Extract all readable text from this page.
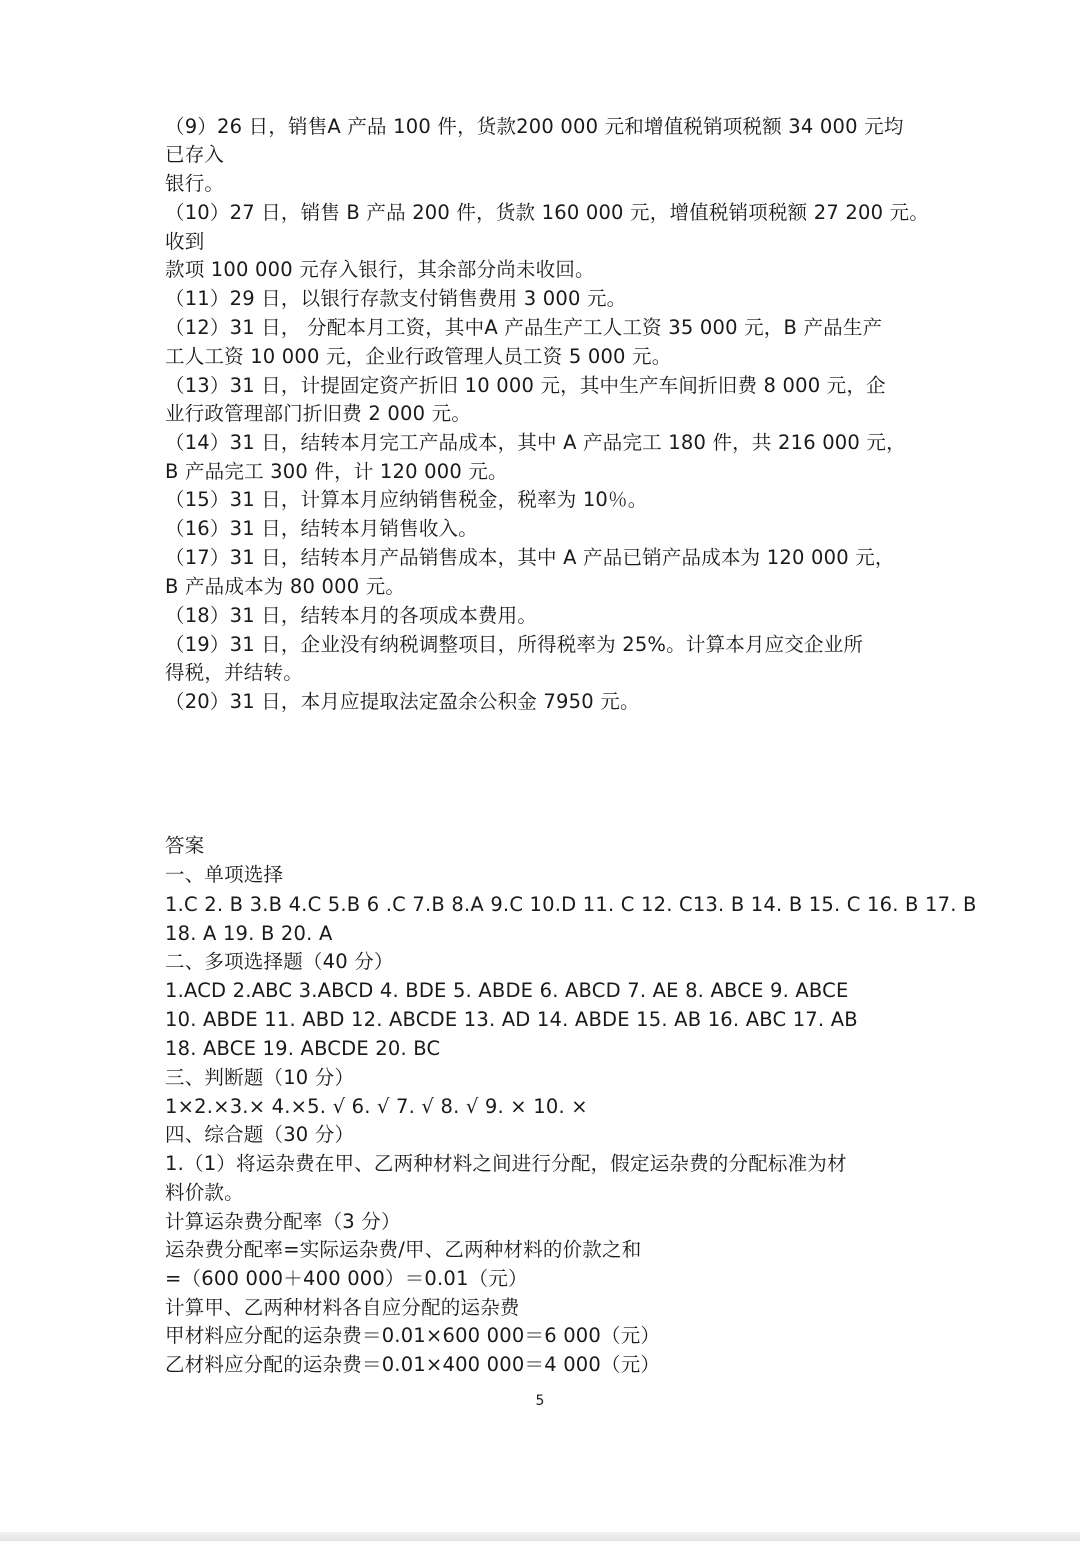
（9）26 日，销售A 产品 100 件，货款200 000 元和增值税销项税额 34 000 元均
已存入
银行。
（10）27 日，销售 B 产品 200 件，货款 160 000 元，增值税销项税额 27 200 元。
收到
款项 100 000 元存入银行，其余部分尚未收回。
（11）29 日，以银行存款支付销售费用 3 000 元。
（12）31 日， 分配本月工资，其中A 产品生产工人工资 35 000 元，B 产品生产
工人工资 10 000 元，企业行政管理人员工资 5 000 元。
（13）31 日，计提固定资产折旧 10 000 元，其中生产车间折旧费 8 000 元，企
业行政管理部门折旧费 2 000 元。
（14）31 日，结转本月完工产品成本，其中 A 产品完工 180 件，共 216 000 元，
B 产品完工 300 件，计 120 000 元。
（15）31 日，计算本月应纳销售税金，税率为 10％。
（16）31 日，结转本月销售收入。
（17）31 日，结转本月产品销售成本，其中 A 产品已销产品成本为 120 000 元，
B 产品成本为 80 000 元。
（18）31 日，结转本月的各项成本费用。
（19）31 日，企业没有纳税调整项目，所得税率为 25%。计算本月应交企业所
得税，并结转。
（20）31 日，本月应提取法定盈余公积金 7950 元。
答案
一、单项选择
1.C 2. B 3.B 4.C 5.B 6 .C 7.B 8.A 9.C 10.D 11. C 12. C13. B 14. B 15. C 16. B 17. B
18. A 19. B 20. A
二、多项选择题（40 分）
1.ACD 2.ABC 3.ABCD 4. BDE 5. ABDE 6. ABCD 7. AE 8. ABCE 9. ABCE
10. ABDE 11. ABD 12. ABCDE 13. AD 14. ABDE 15. AB 16. ABC 17. AB
18. ABCE 19. ABCDE 20. BC
三、判断题（10 分）
1×2.×3.× 4.×5. √ 6. √ 7. √ 8. √ 9. × 10. ×
四、综合题（30 分）
1.（1）将运杂费在甲、乙两种材料之间进行分配，假定运杂费的分配标准为材
料价款。
计算运杂费分配率（3 分）
运杂费分配率=实际运杂费/甲、乙两种材料的价款之和
=（600 000＋400 000）＝0.01（元）
计算甲、乙两种材料各自应分配的运杂费
甲材料应分配的运杂费＝0.01×600 000＝6 000（元）
乙材料应分配的运杂费＝0.01×400 000＝4 000（元）
5
